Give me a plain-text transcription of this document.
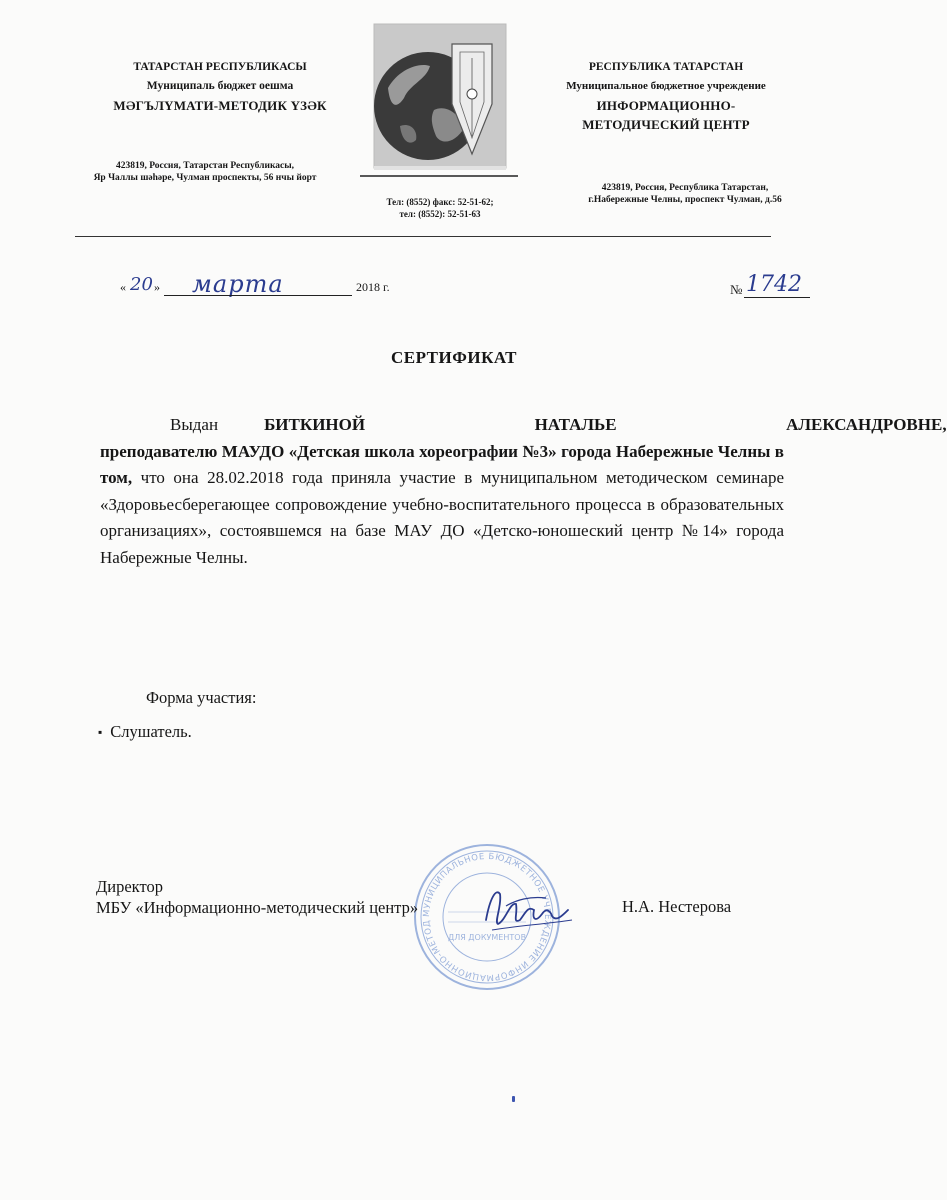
ТАТАРСТАН РЕСПУБЛИКАСЫ
Муниципаль бюджет оешма
МӘГЪЛҮМАТИ-МЕТОДИК ҮЗӘК
423819, Россия, Татарстан Республикасы,
Яр Чаллы шәһәре, Чулман проспекты, 56 нчы йорт
Тел: (8552) факс: 52-51-62;
тел: (8552): 52-51-63
РЕСПУБЛИКА ТАТАРСТАН
Муниципальное бюджетное учреждение
ИНФОРМАЦИОННО-
МЕТОДИЧЕСКИЙ ЦЕНТР
423819, Россия, Республика Татарстан,
г.Набережные Челны, проспект Чулман, д.56
« 20 » марта	2018 г.	№ 1742
СЕРТИФИКАТ
Выдан	БИТКИНОЙ      НАТАЛЬЕ      АЛЕКСАНДРОВНЕ,
преподавателю МАУДО «Детская школа хореографии №3» города Набережные Челны в том, что она 28.02.2018 года приняла участие в муниципальном методическом семинаре «Здоровьесберегающее сопровождение учебно-воспитательного процесса в образовательных организациях», состоявшемся на базе МАУ ДО «Детско-юношеский центр №14» города Набережные Челны.
Форма участия:
▪ Слушатель.
МУНИЦИПАЛЬНОЕ БЮДЖЕТНОЕ УЧРЕЖДЕНИЕ ИНФОРМАЦИОННО-МЕТОД
ДЛЯ ДОКУМЕНТОВ
Директор
МБУ «Информационно-методический центр»	Н.А. Нестерова
